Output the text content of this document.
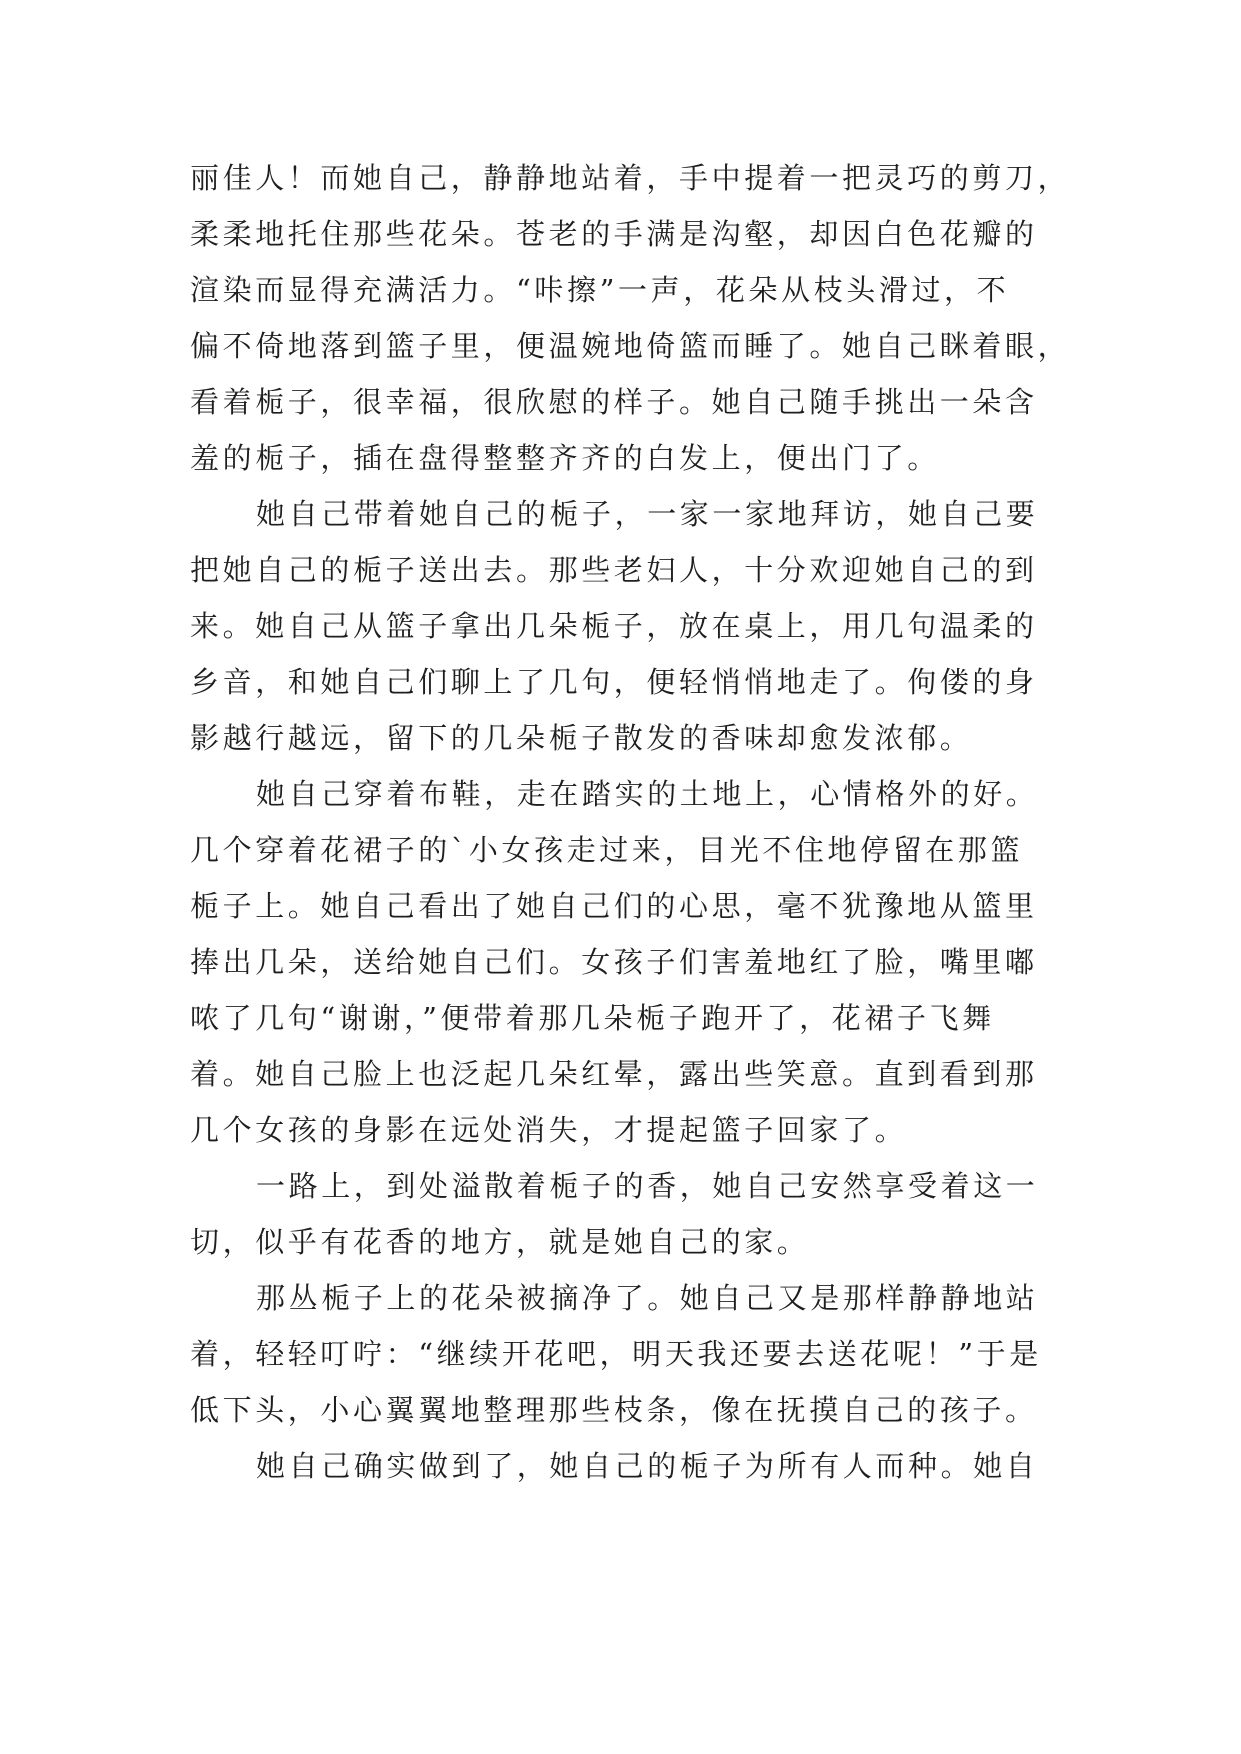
丽佳人！而她自己，静静地站着，手中提着一把灵巧的剪刀，
柔柔地托住那些花朵。苍老的手满是沟壑，却因白色花瓣的
渲染而显得充满活力。“咔擦”一声，花朵从枝头滑过，不
偏不倚地落到篮子里，便温婉地倚篮而睡了。她自己眯着眼，
看着栀子，很幸福，很欣慰的样子。她自己随手挑出一朵含
羞的栀子，插在盘得整整齐齐的白发上，便出门了。
她自己带着她自己的栀子，一家一家地拜访，她自己要
把她自己的栀子送出去。那些老妇人，十分欢迎她自己的到
来。她自己从篮子拿出几朵栀子，放在桌上，用几句温柔的
乡音，和她自己们聊上了几句，便轻悄悄地走了。佝偻的身
影越行越远，留下的几朵栀子散发的香味却愈发浓郁。
她自己穿着布鞋，走在踏实的土地上，心情格外的好。
几个穿着花裙子的`小女孩走过来，目光不住地停留在那篮
栀子上。她自己看出了她自己们的心思，毫不犹豫地从篮里
捧出几朵，送给她自己们。女孩子们害羞地红了脸，嘴里嘟
哝了几句“谢谢，”便带着那几朵栀子跑开了，花裙子飞舞
着。她自己脸上也泛起几朵红晕，露出些笑意。直到看到那
几个女孩的身影在远处消失，才提起篮子回家了。
一路上，到处溢散着栀子的香，她自己安然享受着这一
切，似乎有花香的地方，就是她自己的家。
那丛栀子上的花朵被摘净了。她自己又是那样静静地站
着，轻轻叮咛：“继续开花吧，明天我还要去送花呢！”于是
低下头，小心翼翼地整理那些枝条，像在抚摸自己的孩子。
她自己确实做到了，她自己的栀子为所有人而种。她自
